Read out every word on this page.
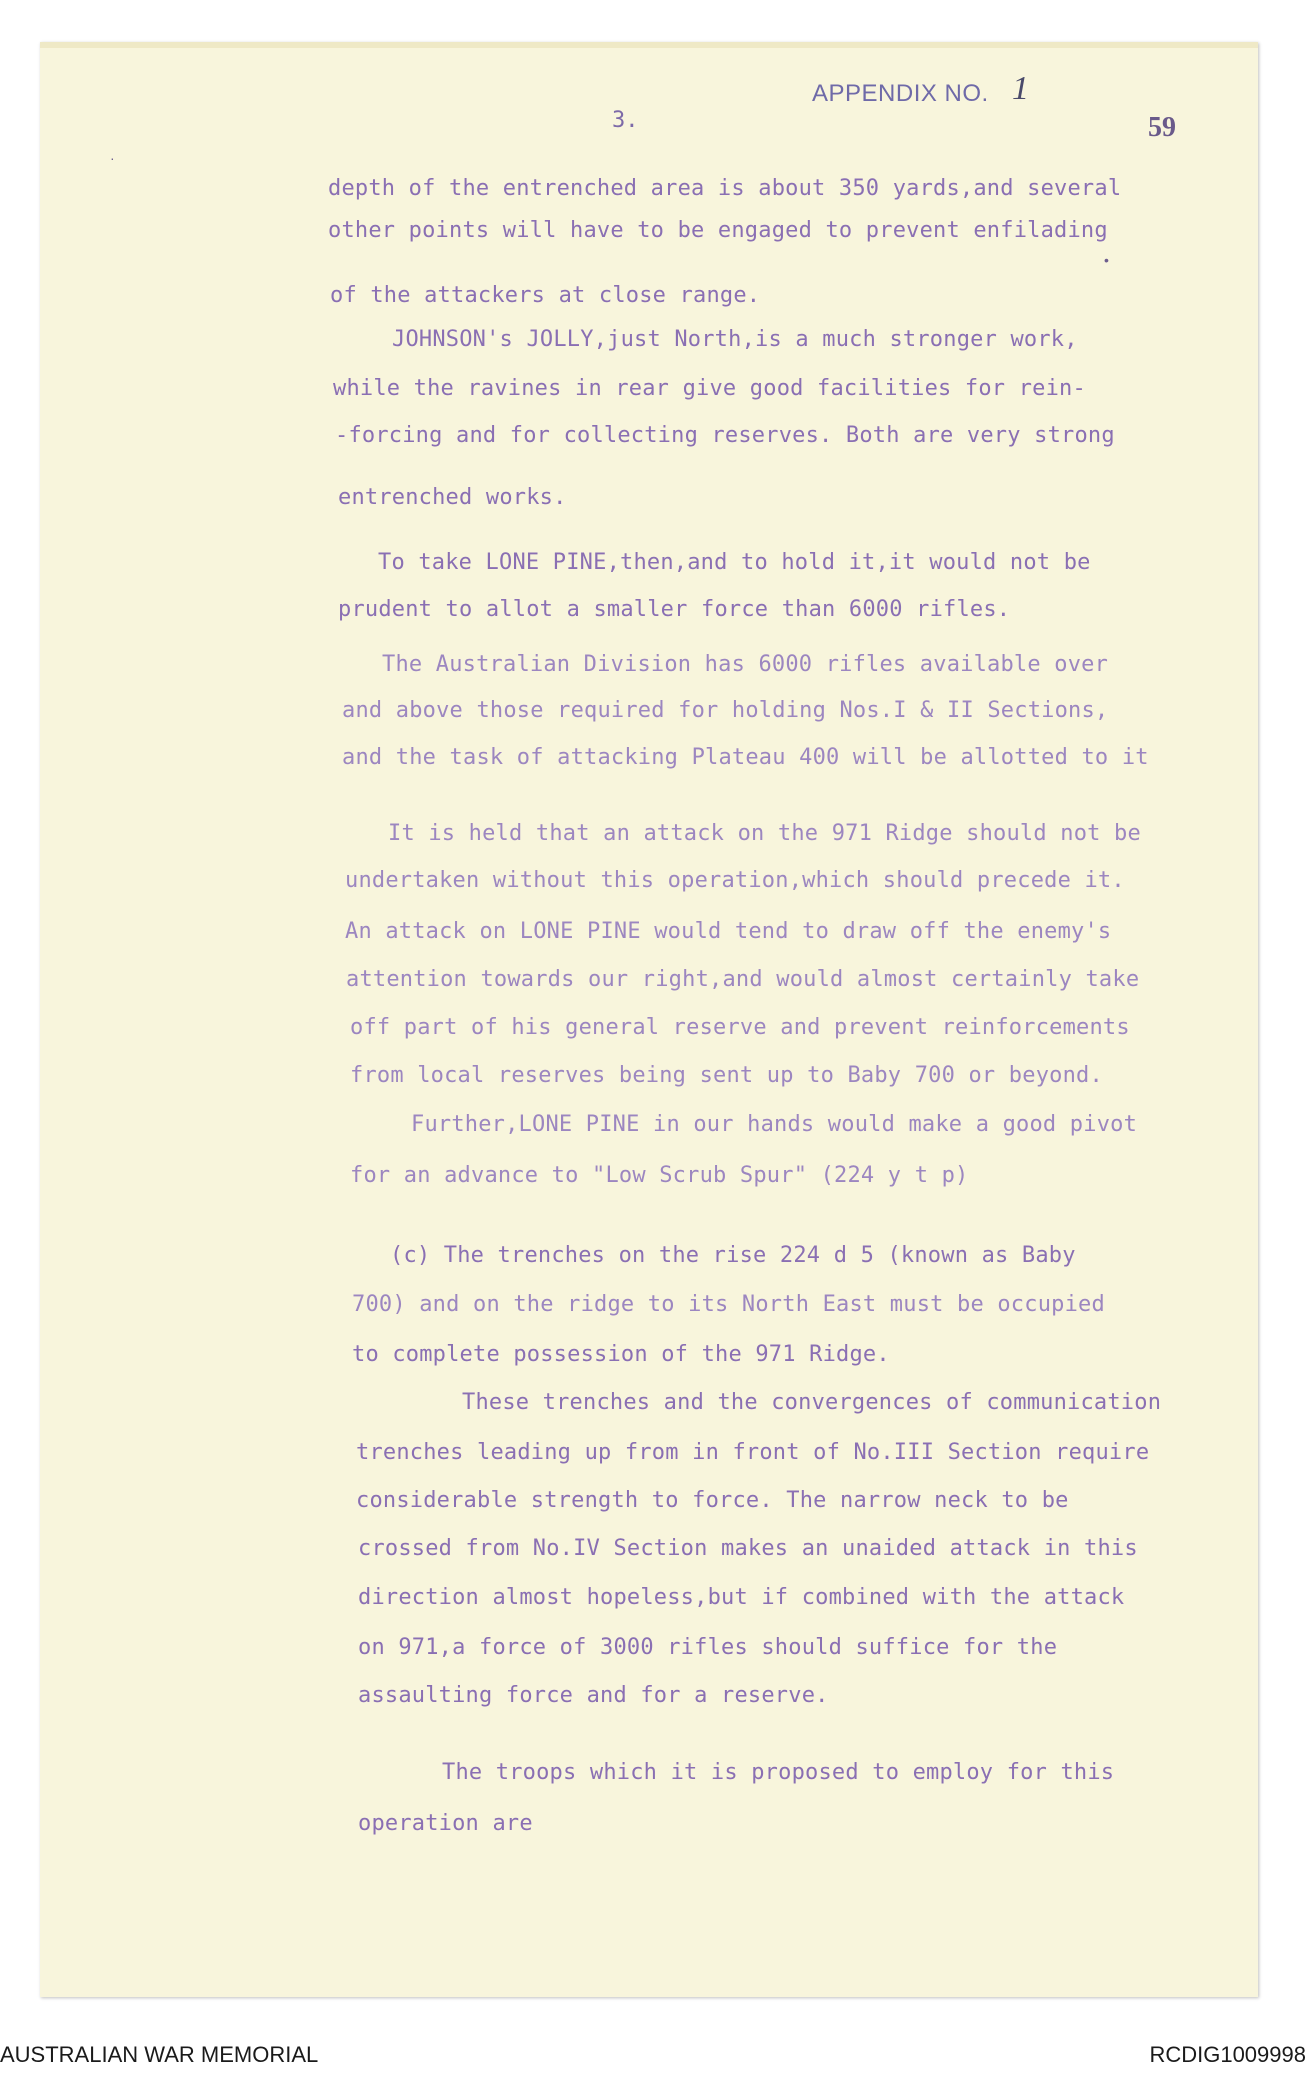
APPENDIX NO. 1
3.	59
·
•
depth of the entrenched area is about 350 yards,and several
other points will have to be engaged to prevent enfilading
of the attackers at close range.
JOHNSON's JOLLY,just North,is a much stronger work,
while the ravines in rear give good facilities for rein-
-forcing and for collecting reserves. Both are very strong
entrenched works.
To take LONE PINE,then,and to hold it,it would not be
prudent to allot a smaller force than 6000 rifles.
The Australian Division has 6000 rifles available over
and above those required for holding Nos.I & II Sections,
and the task of attacking Plateau 400 will be allotted to it
It is held that an attack on the 971 Ridge should not be
undertaken without this operation,which should precede it.
An attack on LONE PINE would tend to draw off the enemy's
attention towards our right,and would almost certainly take
off part of his general reserve and prevent reinforcements
from local reserves being sent up to Baby 700 or beyond.
Further,LONE PINE in our hands would make a good pivot
for an advance to "Low Scrub Spur" (224 y t p)
(c) The trenches on the rise 224 d 5 (known as Baby
700) and on the ridge to its North East must be occupied
to complete possession of the 971 Ridge.
These trenches and the convergences of communication
trenches leading up from in front of No.III Section require
considerable strength to force. The narrow neck to be
crossed from No.IV Section makes an unaided attack in this
direction almost hopeless,but if combined with the attack
on 971,a force of 3000 rifles should suffice for the
assaulting force and for a reserve.
The troops which it is proposed to employ for this
operation are
AUSTRALIAN WAR MEMORIAL	RCDIG1009998
